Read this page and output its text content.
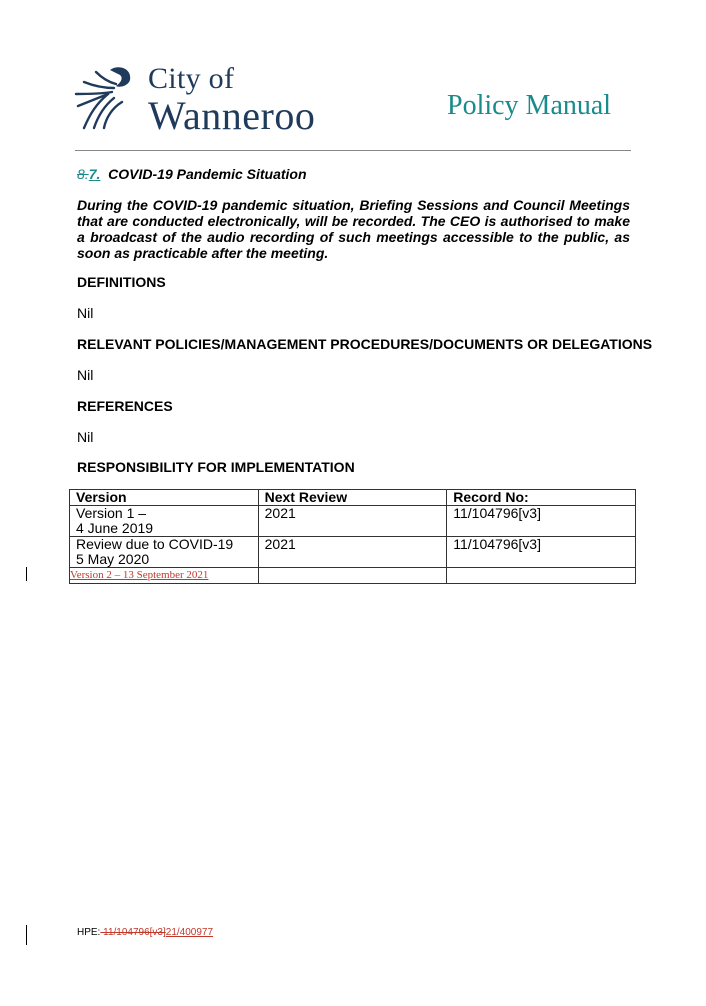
City of
Wanneroo	Policy Manual
8.7. COVID-19 Pandemic Situation
During the COVID-19 pandemic situation, Briefing Sessions and Council Meetings that are conducted electronically, will be recorded. The CEO is authorised to make a broadcast of the audio recording of such meetings accessible to the public, as soon as practicable after the meeting.
DEFINITIONS
Nil
RELEVANT POLICIES/MANAGEMENT PROCEDURES/DOCUMENTS OR DELEGATIONS
Nil
REFERENCES
Nil
RESPONSIBILITY FOR IMPLEMENTATION
Version	Next Review	Record No:

Version 1 –
4 June 2019	2021	11/104796[v3]

Review due to COVID-19
5 May 2020	2021	11/104796[v3]
Version 2 – 13 September 2021		
HPE: 11/104796[v3]21/400977
